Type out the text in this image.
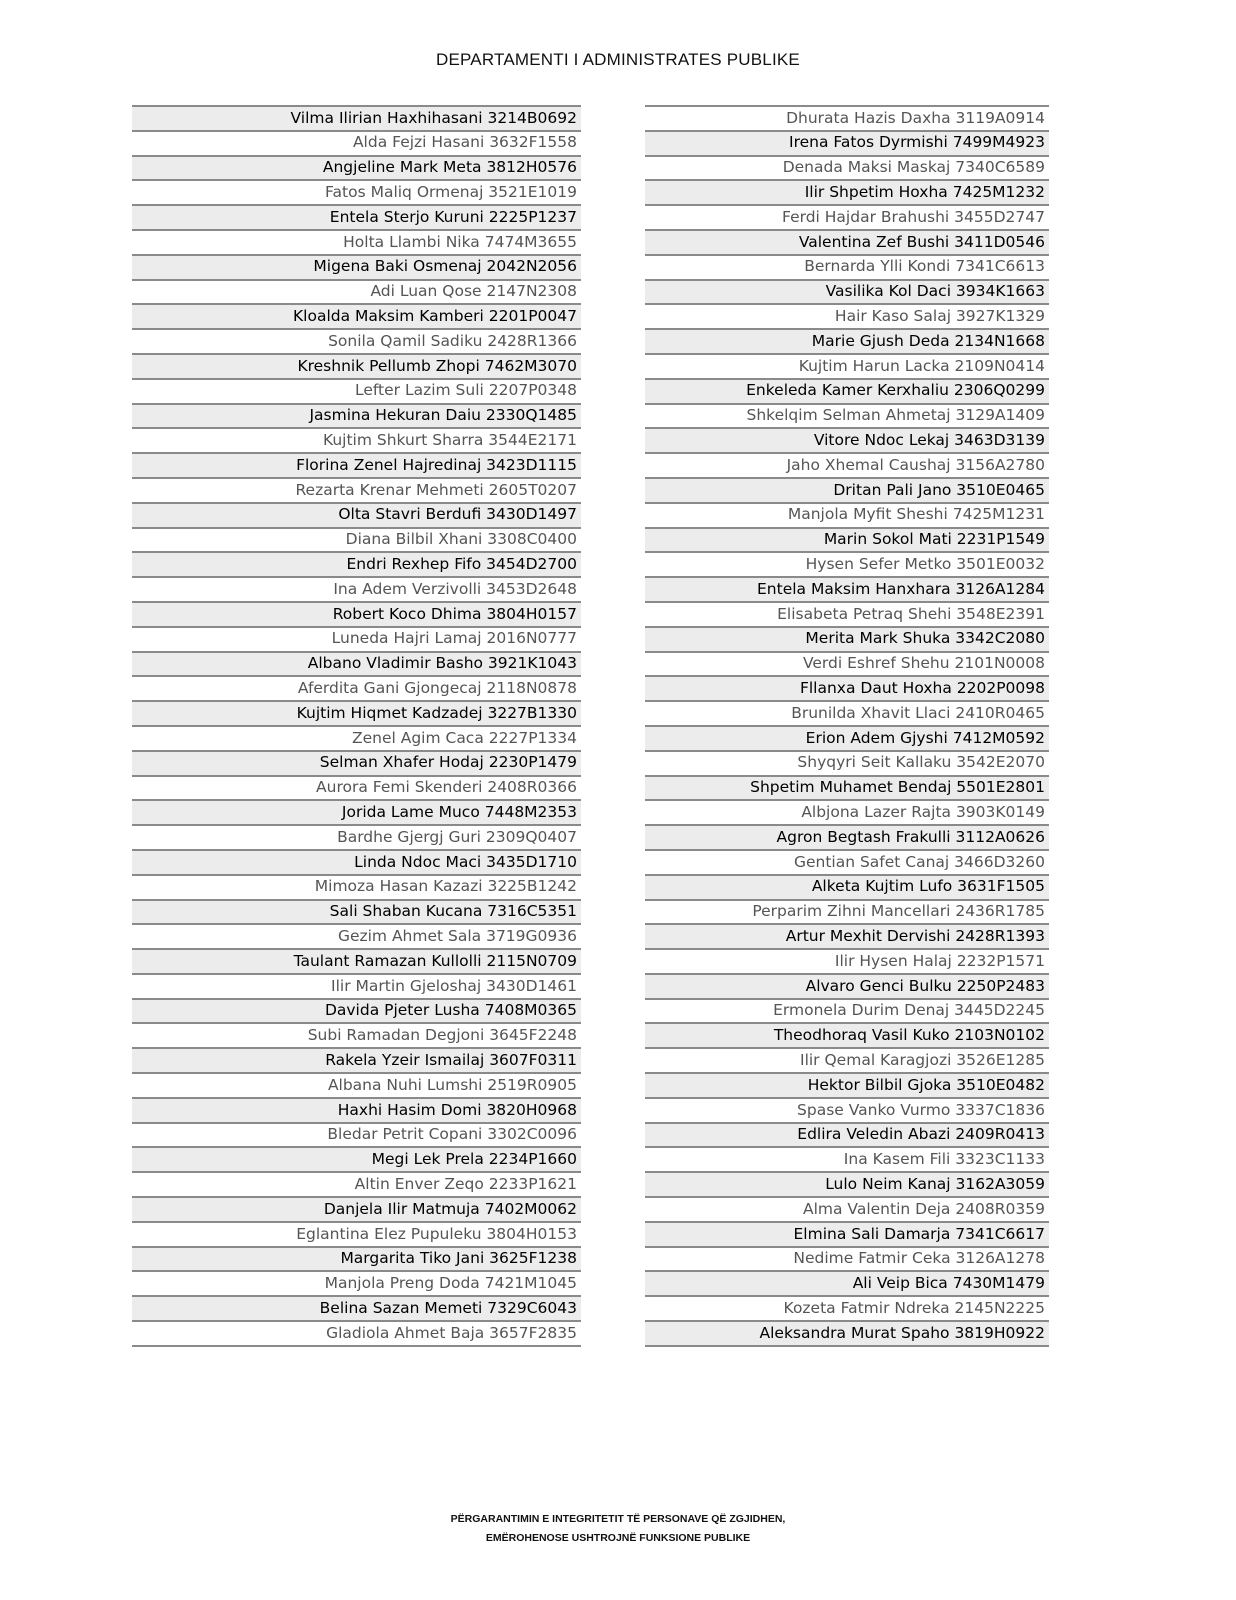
DEPARTAMENTI I ADMINISTRATES PUBLIKE
Vilma Ilirian Haxhihasani 3214B0692
Alda Fejzi Hasani 3632F1558
Angjeline Mark Meta 3812H0576
Fatos Maliq Ormenaj 3521E1019
Entela Sterjo Kuruni 2225P1237
Holta Llambi Nika 7474M3655
Migena Baki Osmenaj 2042N2056
Adi Luan Qose 2147N2308
Kloalda Maksim Kamberi 2201P0047
Sonila Qamil Sadiku 2428R1366
Kreshnik Pellumb Zhopi 7462M3070
Lefter Lazim Suli 2207P0348
Jasmina Hekuran Daiu 2330Q1485
Kujtim Shkurt Sharra 3544E2171
Florina Zenel Hajredinaj 3423D1115
Rezarta Krenar Mehmeti 2605T0207
Olta Stavri Berdufi 3430D1497
Diana Bilbil Xhani 3308C0400
Endri Rexhep Fifo 3454D2700
Ina Adem Verzivolli 3453D2648
Robert Koco Dhima 3804H0157
Luneda Hajri Lamaj 2016N0777
Albano Vladimir Basho 3921K1043
Aferdita Gani Gjongecaj 2118N0878
Kujtim Hiqmet Kadzadej 3227B1330
Zenel Agim Caca 2227P1334
Selman Xhafer Hodaj 2230P1479
Aurora Femi Skenderi 2408R0366
Jorida Lame Muco 7448M2353
Bardhe Gjergj Guri 2309Q0407
Linda Ndoc Maci 3435D1710
Mimoza Hasan Kazazi 3225B1242
Sali Shaban Kucana 7316C5351
Gezim Ahmet Sala 3719G0936
Taulant Ramazan Kullolli 2115N0709
Ilir Martin Gjeloshaj 3430D1461
Davida Pjeter Lusha 7408M0365
Subi Ramadan Degjoni 3645F2248
Rakela Yzeir Ismailaj 3607F0311
Albana Nuhi Lumshi 2519R0905
Haxhi Hasim Domi 3820H0968
Bledar Petrit Copani 3302C0096
Megi Lek Prela 2234P1660
Altin Enver Zeqo 2233P1621
Danjela Ilir Matmuja 7402M0062
Eglantina Elez Pupuleku 3804H0153
Margarita Tiko Jani 3625F1238
Manjola Preng Doda 7421M1045
Belina Sazan Memeti 7329C6043
Gladiola Ahmet Baja 3657F2835
Dhurata Hazis Daxha 3119A0914
Irena Fatos Dyrmishi 7499M4923
Denada Maksi Maskaj 7340C6589
Ilir Shpetim Hoxha 7425M1232
Ferdi Hajdar Brahushi 3455D2747
Valentina Zef Bushi 3411D0546
Bernarda Ylli Kondi 7341C6613
Vasilika Kol Daci 3934K1663
Hair Kaso Salaj 3927K1329
Marie Gjush Deda 2134N1668
Kujtim Harun Lacka 2109N0414
Enkeleda Kamer Kerxhaliu 2306Q0299
Shkelqim Selman Ahmetaj 3129A1409
Vitore Ndoc Lekaj 3463D3139
Jaho Xhemal Caushaj 3156A2780
Dritan Pali Jano 3510E0465
Manjola Myfit Sheshi 7425M1231
Marin Sokol Mati 2231P1549
Hysen Sefer Metko 3501E0032
Entela Maksim Hanxhara 3126A1284
Elisabeta Petraq Shehi 3548E2391
Merita Mark Shuka 3342C2080
Verdi Eshref Shehu 2101N0008
Fllanxa Daut Hoxha 2202P0098
Brunilda Xhavit Llaci 2410R0465
Erion Adem Gjyshi 7412M0592
Shyqyri Seit Kallaku 3542E2070
Shpetim Muhamet Bendaj 5501E2801
Albjona Lazer Rajta 3903K0149
Agron Begtash Frakulli 3112A0626
Gentian Safet Canaj 3466D3260
Alketa Kujtim Lufo 3631F1505
Perparim Zihni Mancellari 2436R1785
Artur Mexhit Dervishi 2428R1393
Ilir Hysen Halaj 2232P1571
Alvaro Genci Bulku 2250P2483
Ermonela Durim Denaj 3445D2245
Theodhoraq Vasil Kuko 2103N0102
Ilir Qemal Karagjozi 3526E1285
Hektor Bilbil Gjoka 3510E0482
Spase Vanko Vurmo 3337C1836
Edlira Veledin Abazi 2409R0413
Ina Kasem Fili 3323C1133
Lulo Neim Kanaj 3162A3059
Alma Valentin Deja 2408R0359
Elmina Sali Damarja 7341C6617
Nedime Fatmir Ceka 3126A1278
Ali Veip Bica 7430M1479
Kozeta Fatmir Ndreka 2145N2225
Aleksandra Murat Spaho 3819H0922
PËRGARANTIMIN E INTEGRITETIT TË PERSONAVE QË ZGJIDHEN,
EMËROHENOSE USHTROJNË FUNKSIONE PUBLIKE
